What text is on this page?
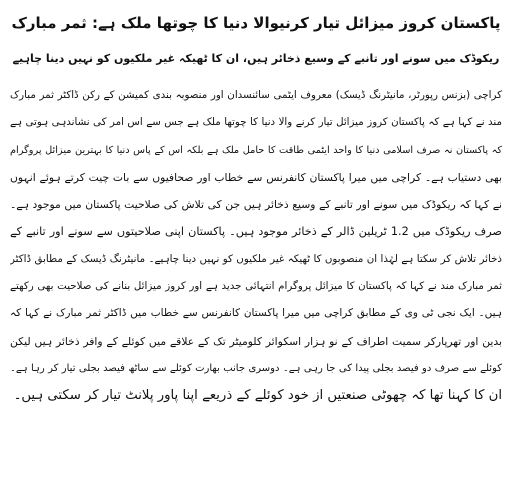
پاکستان کروز میزائل تیار کرنیوالا دنیا کا چوتھا ملک ہے: ثمر مبارک
ریکوڈک میں سونے اور تانبے کے وسیع ذخائر ہیں، ان کا ٹھیکہ غیر ملکیوں کو نہیں دینا چاہیے
کراچی (بزنس رپورٹر، مانیٹرنگ ڈیسک) معروف ایٹمی سائنسدان اور منصوبہ بندی کمیشن کے رکن ڈاکٹر ثمر مبارک
مند نے کہا ہے کہ پاکستان کروز میزائل تیار کرنے والا دنیا کا چوتھا ملک ہے جس سے اس امر کی نشاندہی ہوتی ہے
کہ پاکستان نہ صرف اسلامی دنیا کا واحد ایٹمی طاقت کا حامل ملک ہے بلکہ اس کے پاس دنیا کا بہترین میزائل پروگرام
بھی دستیاب ہے۔ کراچی میں میرا پاکستان کانفرنس سے خطاب اور صحافیوں سے بات چیت کرتے ہوئے انہوں
نے کہا کہ ریکوڈک میں سونے اور تانبے کے وسیع ذخائر ہیں جن کی تلاش کی صلاحیت پاکستان میں موجود ہے۔
صرف ریکوڈک میں 1.2 ٹریلین ڈالر کے ذخائر موجود ہیں۔ پاکستان اپنی صلاحیتوں سے سونے اور تانبے کے
ذخائر تلاش کر سکتا ہے لہٰذا ان منصوبوں کا ٹھیکہ غیر ملکیوں کو نہیں دینا چاہیے۔ مانیٹرنگ ڈیسک کے مطابق ڈاکٹر
ثمر مبارک مند نے کہا کہ پاکستان کا میزائل پروگرام انتہائی جدید ہے اور کروز میزائل بنانے کی صلاحیت بھی رکھتے
ہیں۔ ایک نجی ٹی وی کے مطابق کراچی میں میرا پاکستان کانفرنس سے خطاب میں ڈاکٹر ثمر مبارک نے کہا کہ
بدین اور تھرپارکر سمیت اطراف کے نو ہزار اسکوائر کلومیٹر تک کے علاقے میں کوئلے کے وافر ذخائر ہیں لیکن
کوئلے سے صرف دو فیصد بجلی پیدا کی جا رہی ہے۔ دوسری جانب بھارت کوئلے سے ساٹھ فیصد بجلی تیار کر رہا ہے۔
ان کا کہنا تھا کہ چھوٹی صنعتیں از خود کوئلے کے ذریعے اپنا پاور پلانٹ تیار کر سکتی ہیں۔
